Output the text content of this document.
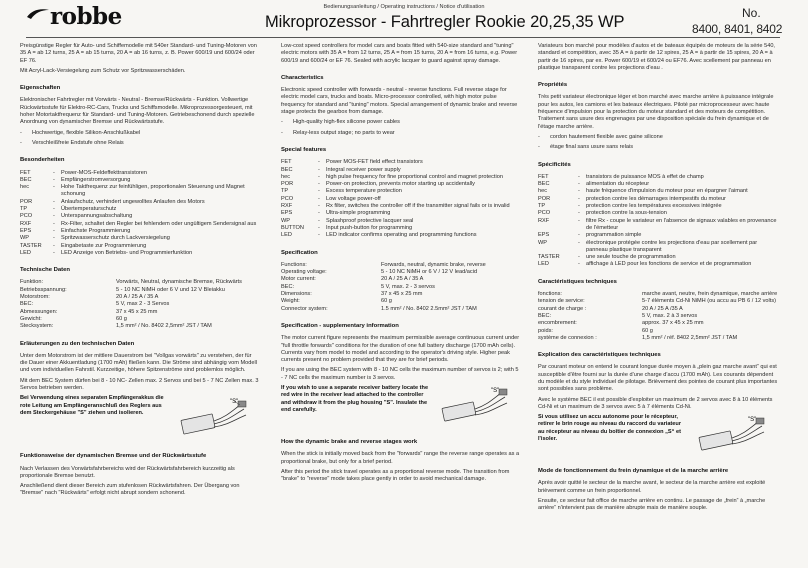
robbe	Bedienungsanleitung / Operating instructions / Notice d'utilisation
Mikroprozessor - Fahrtregler Rookie 20,25,35 WP	No.
8400, 8401, 8402
Preisgünstige Regler für Auto- und Schiffemodelle mit 540er Standard- und Tuning-Motoren von 35 A = ab 12 turns, 25 A = ab 15 turns, 20 A = ab 16 turns, z. B. Power 600/19 und 600/24 oder EF 76.
Mit Acryl-Lack-Versiegelung zum Schutz vor Spritzwasserschäden.
Eigenschaften
Elektronischer Fahrtregler mit Vorwärts - Neutral - Bremse/Rückwärts - Funktion. Vollwertige Rückwärtsstufe für Elektro-RC-Cars, Trucks und Schiffsmodelle. Mikroprozessorgesteuert, mit hoher Motortaktfrequenz für Standard- und Tuning-Motoren. Getriebeschonend durch spezielle Anordnung von dynamischer Bremse und Rückwärtsstufe.
-	Hochwertige, flexible Silikon-Anschlußkabel
-	Verschleißfreie Endstufe ohne Relais
Besonderheiten
FET	-	Power-MOS-Feldeffekttransistoren
BEC	-	Empfängerstromversorgung
hec	-	Hohe Taktfrequenz zur feinfühligen, proportionalen Steuerung und Magnet schonung
POR	-	Anlaufschutz, verhindert ungewolltes Anlaufen des Motors
TP	-	Übertemperaturschutz
PCO	-	Unterspannungsabschaltung
RXF	-	Rx-Filter, schaltet den Regler bei fehlendem oder ungültigem Sendersignal aus
EPS	-	Einfachste Programmierung
WP	-	Spritzwasserschutz durch Lackversiegelung
TASTER	-	Eingabetaste zur Programmierung
LED	-	LED Anzeige von Betriebs- und Programmierfunktion
Technische Daten
Funktion:	Vorwärts, Neutral, dynamische Bremse, Rückwärts
Betriebsspannung:	5 - 10 NC NiMH oder 6 V und 12 V Bleiakku
Motorstrom:	20 A / 25 A / 35 A
BEC:	5 V, max 2 - 3 Servos
Abmessungen:	37 x 45 x 25 mm
Gewicht:	60 g
Stecksystem:	1,5 mm² / No. 8402 2,5mm² JST / TAM
Erläuterungen zu den technischen Daten
Unter dem Motorstrom ist der mittlere Dauerstrom bei "Vollgas vorwärts" zu verstehen, der für die Dauer einer Akkuentladung (1700 mAh) fließen kann. Die Ströme sind abhängig vom Modell und vom individuellen Fahrstil. Kurzzeitige, höhere Spitzenströme sind problemlos möglich.
Mit dem BEC System dürfen bei 8 - 10 NC- Zellen max. 2 Servos und bei 5 - 7 NC Zellen max. 3 Servos betrieben werden.
Bei Verwendung eines separaten Empfängerakkus die rote Leitung am Empfängeranschluß des Reglers aus dem Steckergehäuse "S" ziehen und isolieren.
"S"
Funktionsweise der dynamischen Bremse und der Rückwärtsstufe
Nach Verlassen des Vorwärtsfahrbereichs wird der Rückwärtsfahrbereich kurzzeitig als proportionale Bremse benutzt.
Anschließend dient dieser Bereich zum stufenlosen Rückwärtsfahren. Der Übergang von "Bremse" nach "Rückwärts" erfolgt nicht abrupt sondern schonend.
Low-cost speed controllers for model cars and boats fitted with 540-size standard and "tuning" electric motors with 35 A = from 12 turns, 25 A = from 15 turns, 20 A = from 16 turns, e.g. Power 600/19 and 600/24 or EF 76. Sealed with acrylic lacquer to guard against spray damage.
Characteristics
Electronic speed controller with forwards - neutral - reverse functions. Full reverse stage for electric model cars, trucks and boats. Micro-processor controlled, with high motor pulse frequency for standard and "tuning" motors. Special arrangement of dynamic brake and reverse stage protects the gearbox from damage.
-	High-quality high-flex silicone power cables
-	Relay-less output stage; no parts to wear
Special features
FET	-	Power MOS-FET field effect transistors
BEC	-	Integral receiver power supply
hec	-	high pulse frequency for fine proportional control and magnet protection
POR	-	Power-on protection, prevents motor starting up accidentally
TP	-	Excess temperature protection
PCO	-	Low voltage power-off
RXF	-	Rx filter, switches the controller off if the transmitter signal fails or is invalid
EPS	-	Ultra-simple programming
WP	-	Splashproof protective lacquer seal
BUTTON	-	Input push-button for programming
LED	-	LED indicator confirms operating and programming functions
Specification
Functions:	Forwards, neutral, dynamic brake, reverse
Operating voltage:	5 - 10 NC NiMH or 6 V / 12 V lead/acid
Motor current:	20 A / 25 A / 35 A
BEC:	5 V, max. 2 - 3 servos
Dimensions:	37 x 45 x 25 mm
Weight:	60 g
Connector system:	1.5 mm² / No. 8402 2.5mm² JST / TAM
Specification - supplementary information
The motor current figure represents the maximum permissible average continuous current under "full throttle forwards" conditions for the duration of one full battery discharge (1700 mAh cells). Currents vary from model to model and according to the operator's driving style. Higher peak currents present no problem provided that they are for brief periods.
If you are using the BEC system with 8 - 10 NC cells the maximum number of servos is 2; with 5 - 7 NC cells the maximum number is 3 servos.
If you wish to use a separate receiver battery locate the red wire in the receiver lead attached to the controller and withdraw it from the plug housing "S". Insulate the end carefully.
"S"
How the dynamic brake and reverse stages work
When the stick is initially moved back from the "forwards" range the reverse range operates as a proportional brake, but only for a brief period.
After this period the stick travel operates as a proportional reverse mode. The transition from "brake" to "reverse" mode takes place gently in order to avoid mechanical damage.
Variateurs bon marché pour modèles d'autos et de bateaux équipés de moteurs de la série 540, standard et compétition, avec 35 A = à partir de 12 spires, 25 A = à partir de 15 spires, 20 A = à partir de 16 spires, par ex. Power 600/19 et 600/24 ou EF76. Avec scellement par panneau en plastique transparent contre les projections d'eau .
Propriétés
Très petit variateur électronique léger et bon marché avec marche arrière à puissance intégrale pour les autos, les camions et les bateaux électriques. Piloté par microprocesseur avec haute fréquence d'impulsion pour la protection du moteur standard et des moteurs de compétition. Traitement sans usure des engrenages par une disposition spéciale du frein dynamique et de l'étage marche arrière.
-	cordon hautement flexible avec gaine silicone
-	étage final sans usure sans relais
Spécificités
FET	-	transistors de puissance MOS à effet de champ
BEC	-	alimentation du récepteur
hec	-	haute fréquence d'impulsion du moteur pour en épargner l'aimant
POR	-	protection contre les démarrages intempestifs du moteur
TP	-	protection contre les températures excessives intégrée
PCO	-	protection contre la sous-tension
RXF	-	filtre Rx - coupe le variateur en l'absence de signaux valables en provenance de l'émetteur
EPS	-	programmation simple
WP	-	électronique protégée contre les projections d'eau par scellement par panneau plastique transparent
TASTER	-	une seule touche de programmation
LED	-	affichage à LED pour les fonctions de service et de programmation
Caractéristiques techniques
fonctions:	marche avant, neutre, frein dynamique, marche arrière
tension de service:	5-7 éléments Cd-Ni NiMH (ou accu au PB 6 / 12 volts)
courant de charge :	20 A / 25 A /35 A
BEC:	5 V, max. 2 à 3 servos
encombrement:	approx. 37 x 45 x 25 mm
poids:	60 g
système de connexion :	1,5 mm² / réf. 8402 2,5mm² JST / TAM
Explication des caractéristiques techniques
Par courant moteur on entend le courant longue durée moyen à „plein gaz marche avant“ qui est susceptible d'être fourni sur la durée d'une charge d'accu (1700 mAh). Les courants dépendent du modèle et du style individuel de pilotage. Brièvement des pointes de courant plus importantes sont possibles sans problème.
Avec le système BEC il est possible d'exploiter un maximum de 2 servos avec 8 à 10 éléments Cd-Ni et un maximum de 3 servos avec 5 à 7 éléments Cd-Ni.
Si vous utilisez un accu autonome pour le récepteur, retirer le brin rouge au niveau du raccord du variateur au récepteur au niveau du boîtier de connexion „S“ et l'isoler.
"S"
Mode de fonctionnement du frein dynamique et de la marche arrière
Après avoir quitté le secteur de la marche avant, le secteur de la marche arrière est exploité brièvement comme un frein proportionnel.
Ensuite, ce secteur fait office de marche arrière en continu. Le passage de „frein“ à „marche arrière“ n'intervient pas de manière abrupte mais de manière souple.
